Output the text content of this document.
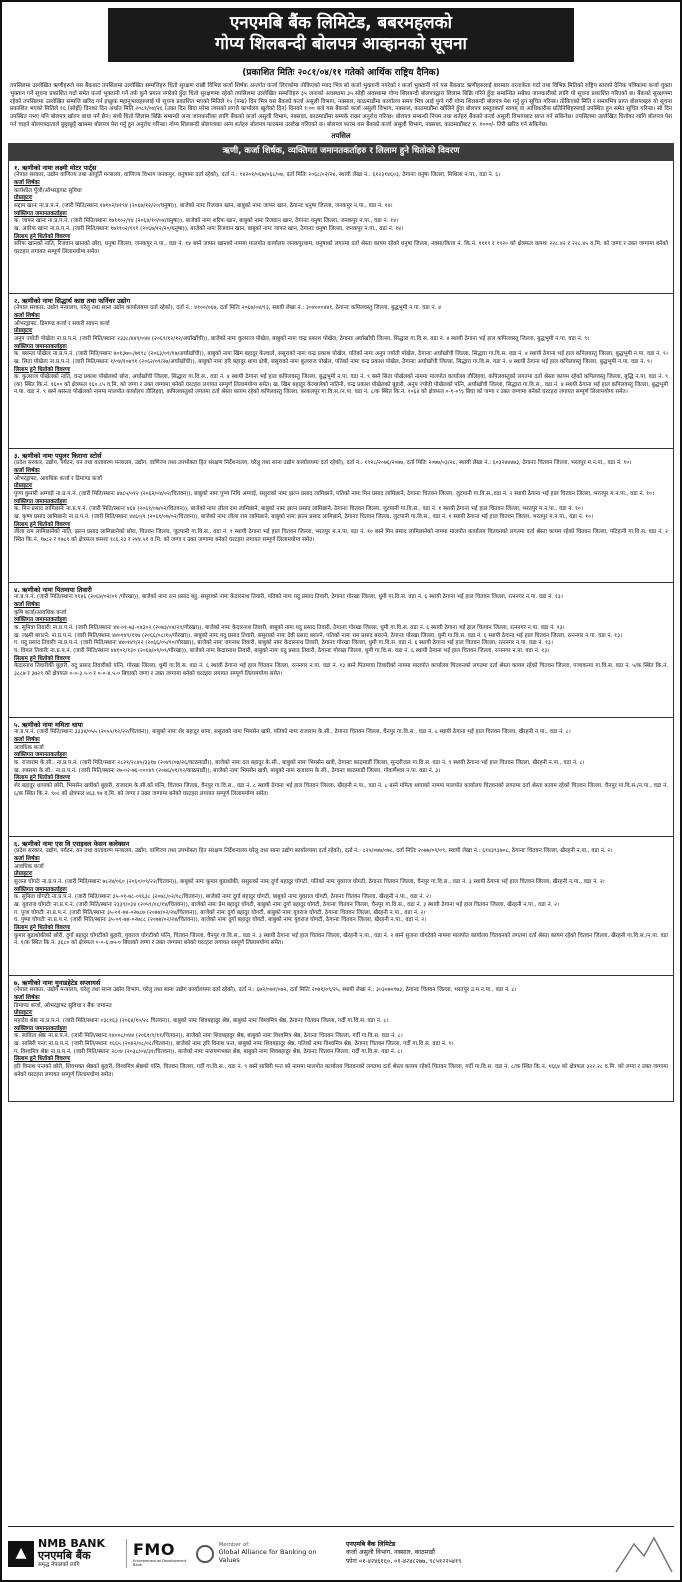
एनएमबि बैंक लिमिटेड, बबरमहलको
गोप्य शिलबन्दी बोलपत्र आव्हानको सूचना
(प्रकाशित मितिः २०८१/०४/११ गतेको आर्थिक राष्ट्रिय दैनिक)
तपसिलमा उल्लेखित ऋणीहरुले यस बैंकबाट तपसिलमा उल्लेखित सम्पत्तिहरु धितो सुरक्षण राखी विभिन्न कर्जा शिर्षक अन्तर्गत कर्जा लिएकोमा तोकिएको म्याद भित्र सो कर्जा भुक्तानी नगरेको र कर्जा भुक्तानी गर्न यस बैंकबाट ऋणीहरुलाई बारम्बार तरताकेता गर्दा तथा विभिन्न मितिको राष्ट्रिय स्तरको दैनिक पत्रिकामा कर्जा चुक्ता भुक्तान गर्ने सूचना प्रकाशित गर्दा समेत कर्जा भुक्तानी गर्ने तर्फ कुनै प्रयत्न नगरेको हुँदा धितो सुरक्षणमा रहेको तपसिलमा उल्लेखित सम्पत्तिहरु ३५ जनाको अवस्थामा ३५ सोही अवस्थामा गोप्य शिलबन्दी बोलपत्रद्वारा लिलाम बिक्रि गरिने हुँदा सम्बन्धित सबैका जानकारीको लागि यो सूचना प्रकाशित गरिएको छ। बैंकको सुरक्षणमा रहेको तपसिलमा उल्लेखित सम्पत्ति खरिद गर्न इच्छुक महानुभावहरुलाई यो सूचना प्रकाशित भएको मितिले १५ (पन्ध्र) दिन भित्र यस बैंकको कर्जा असुली विभाग, नक्साल, काठमाडौंमा कार्यालय समय भित्र आई पुग्ने गरी गोप्य शिलबन्दी बोलपत्र पेश गर्नु हुन सूचित गरिन्छ। तोकिएको मिति र समयभित्र प्राप्त बोलपत्रहरु यो सूचना प्रकाशित भएको मितिले १६ (सोह्रौं) दिनका दिन अर्थात मिति २०८१/०४/२६ (उक्त दिन बिदा परेमा त्यसको लगत्तै कार्यालय खुलेको दिन) दिनको १:०० बजे यस बैंकको कर्जा असुली विभाग, नक्साल, काठमाडौंमा खोलिने हुँदा बोलपत्र प्रस्तुतकर्ता स्वयम् वा आधिकारीक प्रतिनिधिहरुलाई उपस्थित हुन समेत सूचित गरिन्छ। सो दिन उपस्थित नभए पनि बोलपत्र खोल्न बाधा पर्ने छैन। साथै धितो लिलाम बिक्रि सम्बन्धी अन्य जानकारीका लागि बैंकको कर्जा असुली विभाग, नक्साल, काठमाडौंमा सम्पर्क राख्न अनुरोध गरिन्छ। बोलपत्र सम्बन्धी नियम तथा शर्तहरु बैंकको कर्जा असुली विभागबाट प्राप्त गर्न सकिनेछ। तपसिलमा उल्लेखित धितोका लागि बोलपत्र पेश गर्न चाहने बोलपत्रदाताले छुट्टाछुट्टै खाममा बोलपत्र पेश गर्नु हुन अनुरोध गरिन्छ। गोप्य शिलबन्दी बोलपत्रका अन्य शर्तहरु बोलपत्र फारममा उल्लेख गरिएको छ। बोलपत्र फारम यस बैंकको कर्जा असुली विभाग, नक्साल, काठमाडौंबाट रु. १०००/- तिरी खरिद गर्न सकिनेछ।
तपसिल
ऋणी, कर्जा शिर्षक, व्यक्तिगत जमानतकर्ताहरु र लिलाम हुने धितोको विवरण
१. ऋणीको नामः लक्ष्मी मोटर पार्ट्स
(नेपाल सरकार, उद्योग वाणिज्य तथा आपूर्ति मन्त्रालय, वाणिज्य विभाग जनकपुर, धनुषामा दर्ता रहेको), दर्ता नं.: १४२०१/०६७/०६८/०७, दर्ता मितिः २०६८/०२/२४, स्थायी लेखा नं.: ६१२३१४६०३, ठेगानाः धनुषा जिल्ला, मिथिला न.पा., वडा नं. ६।
कर्जा शिर्षकः
कार्यशील पूँजी/ओभरड्राफ्ट सुविधा
प्रोप्राइटरः
सद्दाम खानः ना.प्र.प.नं. (जारी मिति/स्थानः १७१०२/४१९४ (२०६७/१२/२०/धनुषा)), बाजेको नामः रिजवान खान, बाबुको नामः जाफर खान, ठेगानाः धनुषा जिल्ला, जनकपुर न.पा., वडा नं. १४।
व्यक्तिगत जमानतकर्ताहरुः
क. जाफर खानः ना.प्र.प.नं. (जारी मिति/स्थानः १७११०२/१४ (२०६४/१०/०४/धनुषा)), बाजेको नामः शरिफ खान, बाबुको नामः रिजवान खान, ठेगानाः धनुषा जिल्ला, जनकपुर न.पा., वडा नं. १४।
ख. आरिफ खानः ना.प्र.प.नं. (जारी मिति/स्थानः १७११०२/१९१ (२०६७/१२/२०/धनुषा)), बाजेको नामः रिजवान खान, बाबुको नामः जाफर खान, ठेगानाः धनुषा जिल्ला, जनकपुर न.पा., वडा नं. १४।
लिलाम हुने धितोको विवरणः
सरिफ खानको नाति, रिजवान खानको छोरा, धनुषा जिल्ला, जनकपुर न.पा., वडा नं. १४ बस्ने जाफर खानको नाममा मालपोत कार्यालय जनकपुरधाम, धनुषाको लगतमा दर्ता श्रेस्ता कायम रहेको धनुषा जिल्ला, नक्सा/कित्ता नं. कि.नं. १११९ र १९२० को क्षेत्रफल कमशः २२८.४२ र २२८.४५ व.मि. को जग्गा र उक्त जग्गामा बनेको घरटहरा लगायत सम्पूर्ण लिलामयोग्य समेत।
२. ऋणीको नामः सिद्धार्थ काष्ठ तथा फर्निचर उद्योग
(नेपाल सरकार, उद्योग मन्त्रालय, घरेलु तथा साना उद्योग कार्यालयमा दर्ता रहेको), दर्ता नं.: ४१००/०६७, दर्ता मितिः २०६७/०४/१३, स्थायी लेखा नं.: ३०४०००४४१, ठेगानाः कपिलवस्तु जिल्ला, बुद्धभूमी न.पा. वडा नं. ४
कर्जा शिर्षकः
ओभरड्राफ्ट, डिमाण्ड कर्जा र सवारी साधन कर्जा
प्रोप्राइटरः
अनुप ज्योती पोखेलः ना.प्र.प.नं. (जारी मिति/स्थानः २३३८/४४९/०४४ (२०६९/१२/१२/अर्घाखाँची)), बाजेको नामः कुलराज पोखेल, बाबुको नामः चन्द्र प्रकाश पोखेल, ठेगानाः अर्घाखाँची जिल्ला, सिद्धारा गा.वि.स. वडा नं. ४ स्थायी ठेगाना भई हाल कपिलवस्तु जिल्ला, बुद्धभूमी न.पा. वडा नं. ९।
व्यक्तिगत जमानतकर्ताहरुः
क. बसन्ता पोखेलः ना.प्र.प.नं. (जारी मिति/स्थानः ४०१३७०-/७१९८ (२०६३/०१/१७/अर्घाखाँची)), बाबुको नामः खिम बहादुर केल्वाले, ससुराको नामः चन्द्र प्रकाश पोखेल, पतिको नामः अनुप ज्योती पोखेल, ठेगानाः अर्घाखाँची जिल्ला, सिद्धारा गा.वि.स. वडा नं. ४ स्थायी ठेगाना भई हाल कपिलवस्तु जिल्ला, बुद्धभूमी न.पा. वडा नं. ९।
ख. सिता पोखेलः ना.प्र.प.नं. (जारी मिति/स्थानः १/०४/१०४९१ (२०६२/०१/२७/अर्घाखाँची)), बाबुको नामः हरि बहादुर थापा क्षेत्री, ससुराको नामः कुलराज पोखेल, पतिको नामः चन्द्र प्रकाश पोखेल, ठेगानाः अर्घाखाँची जिल्ला, सिद्धारा गा.वि.स. वडा नं. ४ स्थायी ठेगाना भई हाल कपिलवस्तु जिल्ला, बुद्धभूमी न.पा. वडा नं. ९।
लिलाम हुने धितोको विवरणः
क. कुलराज पोखेलको नाति, चन्द्र प्रकाश पोखेलको छोरा, अर्घाखाँची जिल्ला, सिद्धारा गा.वि.स., वडा नं. ४ स्थायी ठेगाना भई हाल कपिलवस्तु जिल्ला, बुद्धभूमी न.पा. वडा नं. ९ बस्ने सिता पोखेलको नाममा मालपोत कार्यालय तौलिहवा, कपिलवस्तुको लगतमा दर्ता श्रेस्ता कायम रहेको कपिलवस्तु जिल्ला, बुद्धि न.पा. वडा नं. ९ (क) स्थित कि.नं. १६०० को क्षेत्रफल १६०.८५ व.मि. को जग्गा र उक्त जग्गामा बनेको घरटहरा लगायत सम्पूर्ण लिलामयोग्य समेत। ख. खिम बहादुर केल्वालेको नातिनी, चन्द्र प्रकाश पोखेलको बुहारी, अनुप ज्योती पोखेलको पत्नि, अर्घाखाँची जिल्ला, सिद्धारा गा.वि.स., वडा नं. ४ स्थायी ठेगाना भई हाल कपिलवस्तु जिल्ला, बुद्धभूमी न.पा. वडा नं. ९ बस्ने बसन्ता पोखेलको नाममा मालपोत कार्यालय तौलिहवा, कपिलवस्तुको लगतमा दर्ता श्रेस्ता कायम रहेको कपिलवस्तु जिल्ला, बरकलपुर गा.वि.स./न.पा. वडा नं. ८/क स्थित कि.नं. १०६४ को क्षेत्रफल ०-१-०¹⁄₂ बिघा को जग्गा र उक्त जग्गामा बनेको घरटहरा लगायत सम्पूर्ण लिलामयोग्य समेत।
३. ऋणीको नामः पपुलर किराना स्टोर्स
(प्रदेश सरकार, उद्योग, पर्यटन, वन तथा वातावरण मन्त्रालय, उद्योग, वाणिज्य तथा उपभोक्ता हित संरक्षण निर्देशनालय, घरेलु तथा साना उद्योग कार्यालयमा दर्ता रहेको), दर्ता नं.: १९२८/२०७६/२०७७, दर्ता मितिः २०७७/०३/२८, स्थायी लेखा नं.: ६०३२४४४७३, ठेगानाः चितवन जिल्ला, भरतपुर म.न.पा., वडा नं. १०।
कर्जा शिर्षकः
ओभरड्राफ्ट, आवधिक कर्जा र डिमाण्ड कर्जा
प्रोप्राइटरः
पुण्य कुमारी अम्गाईः ना.प्र.प.नं. (जारी मिति/स्थानः ४७८५/०१२ (२०६२/०४/०२/चितवन)), बाबुको नामः पुण्य निधि अम्गाई, ससुराको नामः झल्न प्रसाद लामिछाने, पतिको नामः मिन प्रसाद लामिछाने, ठेगानाः चितवन जिल्ला, जुटपानी गा.वि.स.,वडा नं. २ स्थायी ठेगाना भई हाल चितवन जिल्ला, भरतपुर म.न.पा., वडा नं. १०।
व्यक्तिगत जमानतकर्ताहरुः
क. मिन प्रसाद लामिछानेः ना.प्र.प.नं. (जारी मिति/स्थानः ४६४ (२०६१/०७/०२/चितवन)), बाजेको नामः लीला राम लामिछाने, बाबुको नामः झल्न प्रसाद लामिछाने, ठेगानाः चितवन जिल्ला, जुटपानी गा.वि.स., वडा नं. १ स्थायी ठेगाना भई हाल चितवन जिल्ला, भरतपुर म.न.पा., वडा नं. १०।
ख. कृष्ण प्रसाद लामिछानेः ना.प्र.प.नं. (जारी मिति/स्थानः ४४६०/१ (२०६१/०७/०२/चितवन)), बाजेको नामः लीला राम लामिछाने, बाबुको नामः झल्न प्रसाद लामिछाने, ठेगानाः चितवन जिल्ला, जुटपानी गा.वि.स., वडा नं. १ स्थायी ठेगाना भई हाल चितवन जिल्ला, भरतपुर म.न.पा., वडा नं. १०।
लिलाम हुने धितोको विवरणः
लीला राम लामिछानेको नाति, झल्न प्रसाद लामिछानेको छोरा, चितवन जिल्ला, जुटपानी गा.वि.स., वडा नं. १ स्थायी ठेगाना भई हाल चितवन जिल्ला, भरतपुर म.न.पा. वडा नं. १० बस्ने मिन प्रसाद लामिछानेको नाममा मालपोत कार्यालय चितवनको लगतमा दर्ता श्रेस्ता कायम रहेको चितवन जिल्ला, पटिहानी गा.वि.स. वडा नं. २ स्थित कि.नं. १७८२ र १७८१ को क्षेत्रफल कमशः १८६.२३ र २४४.५१ व.मि. को जग्गा र उक्त जग्गामा बनेको घरटहरा लगायत सम्पूर्ण लिलामयोग्य समेत।
४. ऋणीको नामः पितमाया तिवारी
ना.प्र.प.नं. (जारी मिति/स्थानः ११४६ (२०६४/०२/०१ /गोरखा)), बाजेको नामः रत्न प्रसाद बहु, ससुराको नामः केदारनाथ तिवारी, पतिको नामः यदु प्रसाद तिवारी, ठेगानाः गोरखा जिल्ला, धुमी गा.वि.स. वडा नं. ६ स्थायी ठेगाना भई हाल चितवन जिल्ला, रत्ननगर न.पा. वडा नं. १३।
कर्जा शिर्षकः
कृषि कर्जा/आवधिक कर्जा
व्यक्तिगत जमानतकर्ताहरुः
क. सुमित्रा तिवारीः ना.प्र.प.नं. (जारी मिति/स्थानः ४४-०१-७३-०४३०२ (२०७३/०४/२९/गोरखा)), बाजेको नामः केदारनाथ तिवारी, बाबुको नामः यदु प्रसाद तिवारी, ठेगानाः गोरखा जिल्ला, धुमी गा.वि.स. वडा नं. ६ स्थायी ठेगाना भई हाल चितवन जिल्ला, रत्ननगर न.पा. वडा नं. १३।
ख. लक्ष्मी बराल्ने: ना.प्र.प.नं. (जारी मिति/स्थानः ४४०१४९/१९७ (२०६६/०८/१०/गोरखा)), बाबुको नामः यदु प्रसाद तिवारी, ससुराको नामः देवी प्रसाद बराल्ने, पतिको नामः राम प्रसाद बराल्ने, ठेगानाः गोरखा जिल्ला, धुमी गा.वि.स. वडा नं. ६ स्थायी ठेगाना भई हाल चितवन जिल्ला, रत्ननगर न.पा. वडा नं. १३।
ग. यदु प्रसाद तिवारीः ना.प्र.प.नं. (जारी मिति/स्थानः ४४०१४९/२२ (२०६६/०५/१०/गोरखा)), बाजेको नामः जगनाथ तिवारी, बाबुको नामः केदारनाथ तिवारी, ठेगानाः गोरखा जिल्ला, धुमी गा.वि.स. वडा नं. ६ स्थायी ठेगाना भई हाल चितवन जिल्ला, रत्ननगर न.पा. वडा नं. १३।
घ. विमल तिवारीः ना.प्र.प.नं. (जारी मिति/स्थानः ४४१०२/१३० (२०६७/०९/०९/गोरखा)), बाजेको नामः केदारनाथ तिवारी, बाबुको नामः यदु प्रसाद तिवारी, ठेगानाः गोरखा जिल्ला, धुमी गा.वि.स. वडा नं. ६ स्थायी ठेगाना भई हाल चितवन जिल्ला, रत्ननगर न.पा. वडा नं. १३।
लिलाम हुने धितोको विवरणः
केदारनाथ तिवारीकी बुहारी, यदु प्रसाद तिवारीको पत्नि, गोरखा जिल्ला, धुमी गा.वि.स. वडा नं. ६ स्थायी ठेगाना भई हाल चितवन जिल्ला, रत्ननगर न.पा. वडा नं. १३ बस्ने पितमाया तिवारीको नाममा मालपोत कार्यालय चितवनको लगतमा दर्ता श्रेस्ता कायम रहेको चितवन जिल्ला, पञ्चकन्या गा.वि.स. वडा नं. ५/क स्थित कि.नं. ३८८७ र ३७२९ को क्षेत्रफल ०-०-३.५-० र ०-०-४.५-० बिघाको जग्गा र उक्त जग्गामा बनेको घरटहरा लगायत सम्पूर्ण लिलामयोग्य समेत।
५. ऋणीको नामः ममिता थापा
ना.प्र.प.नं. (जारी मिति/स्थानः ३३३४/०५५ (२०५५/१२/२२/चितवन)), बाबुको नामः शेर बहादुर थापा, ससुराको नामः भिमसेन खत्री, पतिको नामः राजाराम के.सी., ठेगानाः चितवन जिल्ला, चैनपुर गा.वि.स., वडा नं. ८ स्थायी ठेगाना भई हाल चितवन जिल्ला, खैरहनी न.पा., वडा नं. ८।
कर्जा शिर्षकः
आवधिक कर्जा
व्यक्तिगत जमानतकर्ताहरुः
क. राजाराम के.सी.: ना.प्र.प.नं. (जारी मिति/स्थानः २८२१/२८४५/३३१७ (२०४९/०७/२६/काठमाडौं)), बाजेको नामः दल बहादुर के.सी., बाबुको नामः भिमसेन खत्री, ठेगानाः काठमाडौं जिल्ला, सुन्दरीजल गा.वि.स. वडा नं. ९ स्थायी ठेगाना भई हाल चितवन जिल्ला, खैरहनी न.पा., वडा नं. ८।
ख. रुक्समा के.सी.: ना.प्र.प.नं. (जारी मिति/स्थानः २७-०२-७६-०००४९ (२०७६/०१/१२/काठमाडौं)), बाजेको नामः भिमसेन खत्री, बाबुको नामः राजाराम के.सी., ठेगानाः काठमाडौं जिल्ला, गोकर्णेश्वर न.पा. वडा नं. ३।
लिलाम हुने धितोको विवरणः
शेर बहादुर थापाको छोरी, भिमसेन खत्रीको बुहारी, राजाराम के.सी.को पत्नि, चितवन जिल्ला, चैनपुर गा.वि.स., वडा नं. ८ स्थायी ठेगाना भई हाल चितवन जिल्ला, खैरहनी न.पा., वडा नं. ८ बस्ने ममिता थापाको नाममा मालपोत कार्यालय चितवनको लगतमा दर्ता श्रेस्ता कायम रहेको चितवन जिल्ला, चैनपुर गा.वि.स./न.पा., वडा नं. ६/क स्थित कि.नं. ९०८ को क्षेत्रफल ४६३.९७ व.मि. को जग्गा र उक्त जग्गामा बनेको घरटहरा लगायत सम्पूर्ण लिलामयोग्य समेत।
६. ऋणीको नामः एस वि एराइवल फेसन कलेक्सन
(प्रदेश सरकार, उद्योग, पर्यटन, वन तथा वातावरण मन्त्रालय, उद्योग, वाणिज्य तथा उपभोक्ता हित संरक्षण निर्देशनालय घरेलु तथा साना उद्योग कार्यालयमा दर्ता रहेको), दर्ता नं.: ८२५/०७७/०७८, दर्ता मितिः २०७७/०९/०९, स्थायी लेखा नं.: ६१४३९३७०८, ठेगानाः चितवन जिल्ला, खैरहनी न.पा., वडा नं. २।
कर्जा शिर्षकः
आवधिक कर्जा
प्रोप्राइटरः
सुजना घोगटेः ना.प्र.प.नं. (जारी मिति/स्थानः ७८२४/०६० (२०६०/०९/२२/चितवन)), बाबुको नामः कुमार बुढाथोकी, ससुराको नामः दुर्गा बहादुर घोगटी, पतिको नामः युवराज घोगटी, ठेगानाः चितवन जिल्ला, चैनपुर गा.वि.स., वडा नं. ३ स्थायी ठेगाना भई हाल चितवन जिल्ला, खैरहनी न.पा., वडा नं. २।
व्यक्तिगत जमानतकर्ताहरुः
क. सुमिता घोगटीः ना.प्र.प.नं. (जारी मिति/स्थानः ३५-०१-७८-०१६३८ (२०७८/०२/१८/चितवन)), बाजेको नामः दुर्गा बहादुर घोगटी, बाबुको नामः युवराज घोगटी, ठेगानाः चितवन जिल्ला, खैरहनी न.पा., वडा नं. २।
ख. युवराज घोगटीः ना.प्र.प.नं. (जारी मिति/स्थानः २३३९/०३४ (२०५९/०८/१४/चितवन)), बाजेको नामः प्रेम बहादुर घोगटी, बाबुको नामः दुर्गा बहादुर घोगटी, ठेगानाः चितवन जिल्ला, चैनपुर गा.वि.स., वडा नं. ३ स्थायी ठेगाना भई हाल चितवन जिल्ला, खैरहनी न.पा., वडा नं. २।
ग. पूजा घोगटीः ना.प्र.प.नं. (जारी मिति/स्थानः ३५-०१-७४-०२७८७ (२०७४/०२/२४/चितवन)), बाजेको नामः दुर्गा बहादुर घोगटी, बाबुको नामः युवराज घोगटी, ठेगानाः चितवन जिल्ला, खैरहनी न.पा., वडा नं. २।
घ. पुष्पा घोगटीः ना.प्र.प.नं. (जारी मिति/स्थानः ३५-०१-७४-०२७८८ (२०७४/०२/२४/चितवन)), बाजेको नामः दुर्गा बहादुर घोगटी, बाबुको नामः युवराज घोगटी, ठेगानाः चितवन जिल्ला, खैरहनी न.पा., वडा नं. २।
लिलाम हुने धितोको विवरणः
कुमार बुढाथोकीको छोरी, दुर्गा बहादुर घोगटीको बुहारी, युवराज घोगटीको पत्नि, चितवन जिल्ला, चैनपुर गा.वि.स., वडा नं. ३ स्थायी ठेगाना भई हाल चितवन जिल्ला, खैरहनी न.पा., वडा नं. २ बस्ने सुजना घोगटेको नाममा मालपोत कार्यालय चितवनको लगतमा दर्ता श्रेस्ता कायम रहेको चितवन जिल्ला, खैरहनी गा.वि.स./न.पा. वडा नं. १/क स्थित कि.नं. ३६८० को क्षेत्रफल ०-०-६.७५-० बिघाको जग्गा र उक्त जग्गामा बनेको घरटहरा लगायत सम्पूर्ण लिलामयोग्य समेत।
७. ऋणीको नामः मुनाडहेटेड सप्लायर्स
(नेपाल सरकार, उद्योग मन्त्रालय, घरेलु तथा साना उद्योग विभाग, घरेलु तथा साना उद्योग कार्यालयमा दर्ता रहेको), दर्ता नं.: ६७२/०७१/०७२, दर्ता मितिः २०७१/०९/२५, स्थायी लेखा नं.: ३०३०७०९७३, ठेगानाः चितवन जिल्ला, भरतपुर उ.म.न.पा., वडा नं. ८।
कर्जा शिर्षकः
डिमाण्ड कर्जा, ओभरड्राफ्ट सुविधा र बैंक जमानत
प्रोप्राइटरः
महादेव श्रेष्ठः ना.प्र.प.नं. (जारी मिति/स्थानः ०३८१६३ (२०६४/१०/२८ चितवन)), बाबुको नामः शिवबहादुर श्रेष्ठ, बाबुको नामः विश्वमित्र श्रेष्ठ, ठेगानाः चितवन जिल्ला, गर्दी गा.वि.स. वडा नं. ८।
व्यक्तिगत जमानतकर्ताहरुः
क. साविता श्रेष्ठः ना.प्र.प.नं. (जारी मिति/स्थानः १४००८/०४४ (२०६१/९/११/चितवन)), बाजेको नामः शिवबहादुर श्रेष्ठ, बाबुको नामः विश्वमित्र श्रेष्ठ, ठेगानाः चितवन जिल्ला, गर्दी गा.वि.स. वडा नं. ८।
ख. साबिरी पन्तः ना.प्र.प.नं. (जारी मिति/स्थानः १६६५ (२०४२/०८/०८/चितवन)), बाजेको नामः हरि विनाश पन्त, बाबुको नामः शिवबहादुर श्रेष्ठ, पतिको नामः विश्वमित्र श्रेष्ठ, ठेगानाः चितवन जिल्ला, गर्दी गा.वि.स. वडा नं. ९।
ग. विश्वमित्र श्रेष्ठः ना.प्र.प.नं. (जारी मिति/स्थानः २८०४ (२०३८/०४/३१/चितवन)), बाजेको नामः नारायणभक्त श्रेष्ठ, बाबुको नामः शिवबहादुर श्रेष्ठ, ठेगानाः चितवन जिल्ला, गर्दी गा.वि.स. वडा नं. ८।
लिलाम हुने धितोको विवरणः
हरि विनाश पन्तको छोरी, शिवभक्त श्रेष्ठको बुहारी, विश्वमित्र श्रेष्ठको पत्नि, चितवन जिल्ला, गर्दी गा.वि.स., वडा नं. ९ बस्ने साबिरी पन्त को नाममा मालपोत कार्यालय चितवनको लगतमा दर्ता श्रेस्ता कायम रहेको चितवन जिल्ला, गर्दी गा.वि.स. वडा नं. ८/क स्थित कि.नं. १६६४ को क्षेत्रफल ३२२.२८ व.मि. को जग्गा र उक्त जग्गामा बनेको घरटहरा लगायत सम्पूर्ण लिलामयोग्य समेत।
▲
NMB BANK
एनएमबि बैंक
समृद्ध नेपालको लागि
FMO
Entrepreneurial Development Bank
Member of:
Global Alliance for Banking on Values
एनएमबि बैंक लिमिटेड
कर्जा असुली विभाग, नक्साल, काठमाडौं
फोनः ०१-४२४६१६०, ०१-४२४८२७७, ९८५१२२५४१९
